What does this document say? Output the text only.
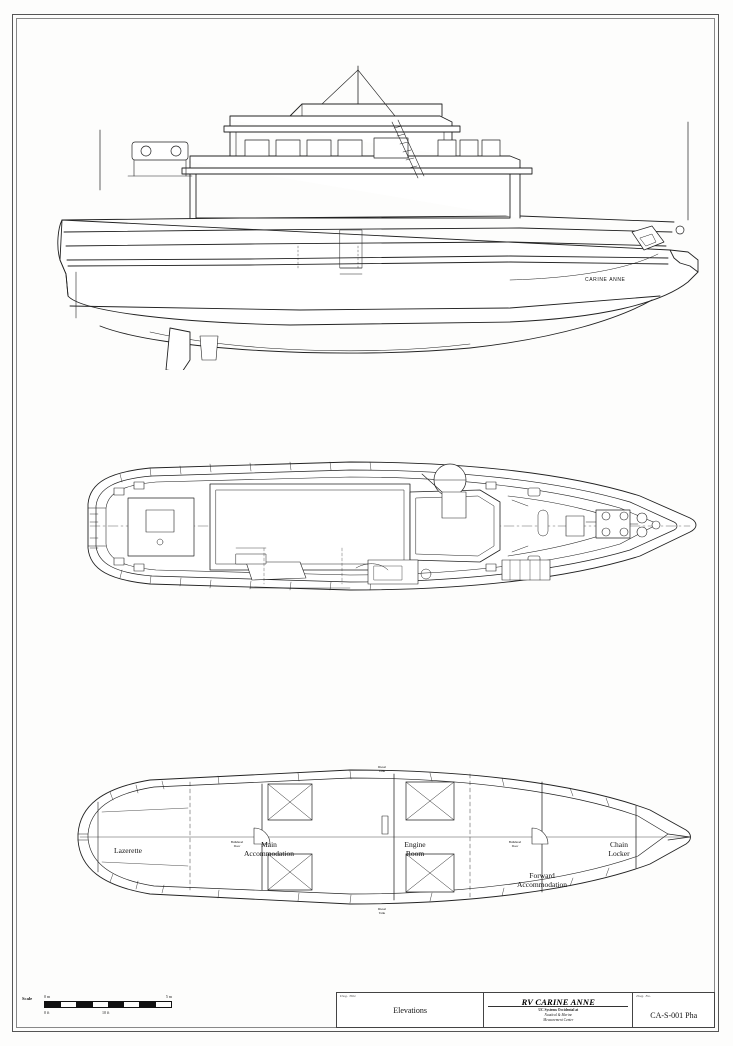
CARINE ANNE
Lazerette
Main
Accommodation
Engine
Room
Forward
Accommodation
Chain
Locker
Bulkhead
Door
Bulkhead
Door
Diesel
Tank
Diesel
Tank
Scale	0 m	5 m
0 ft	10 ft
Dwg. Title
Elevations
RV CARINE ANNE
UC Systems Occidental at
Nautical & Marine
Measurement Center
Dwg. No.
CA-S-001 Pha
